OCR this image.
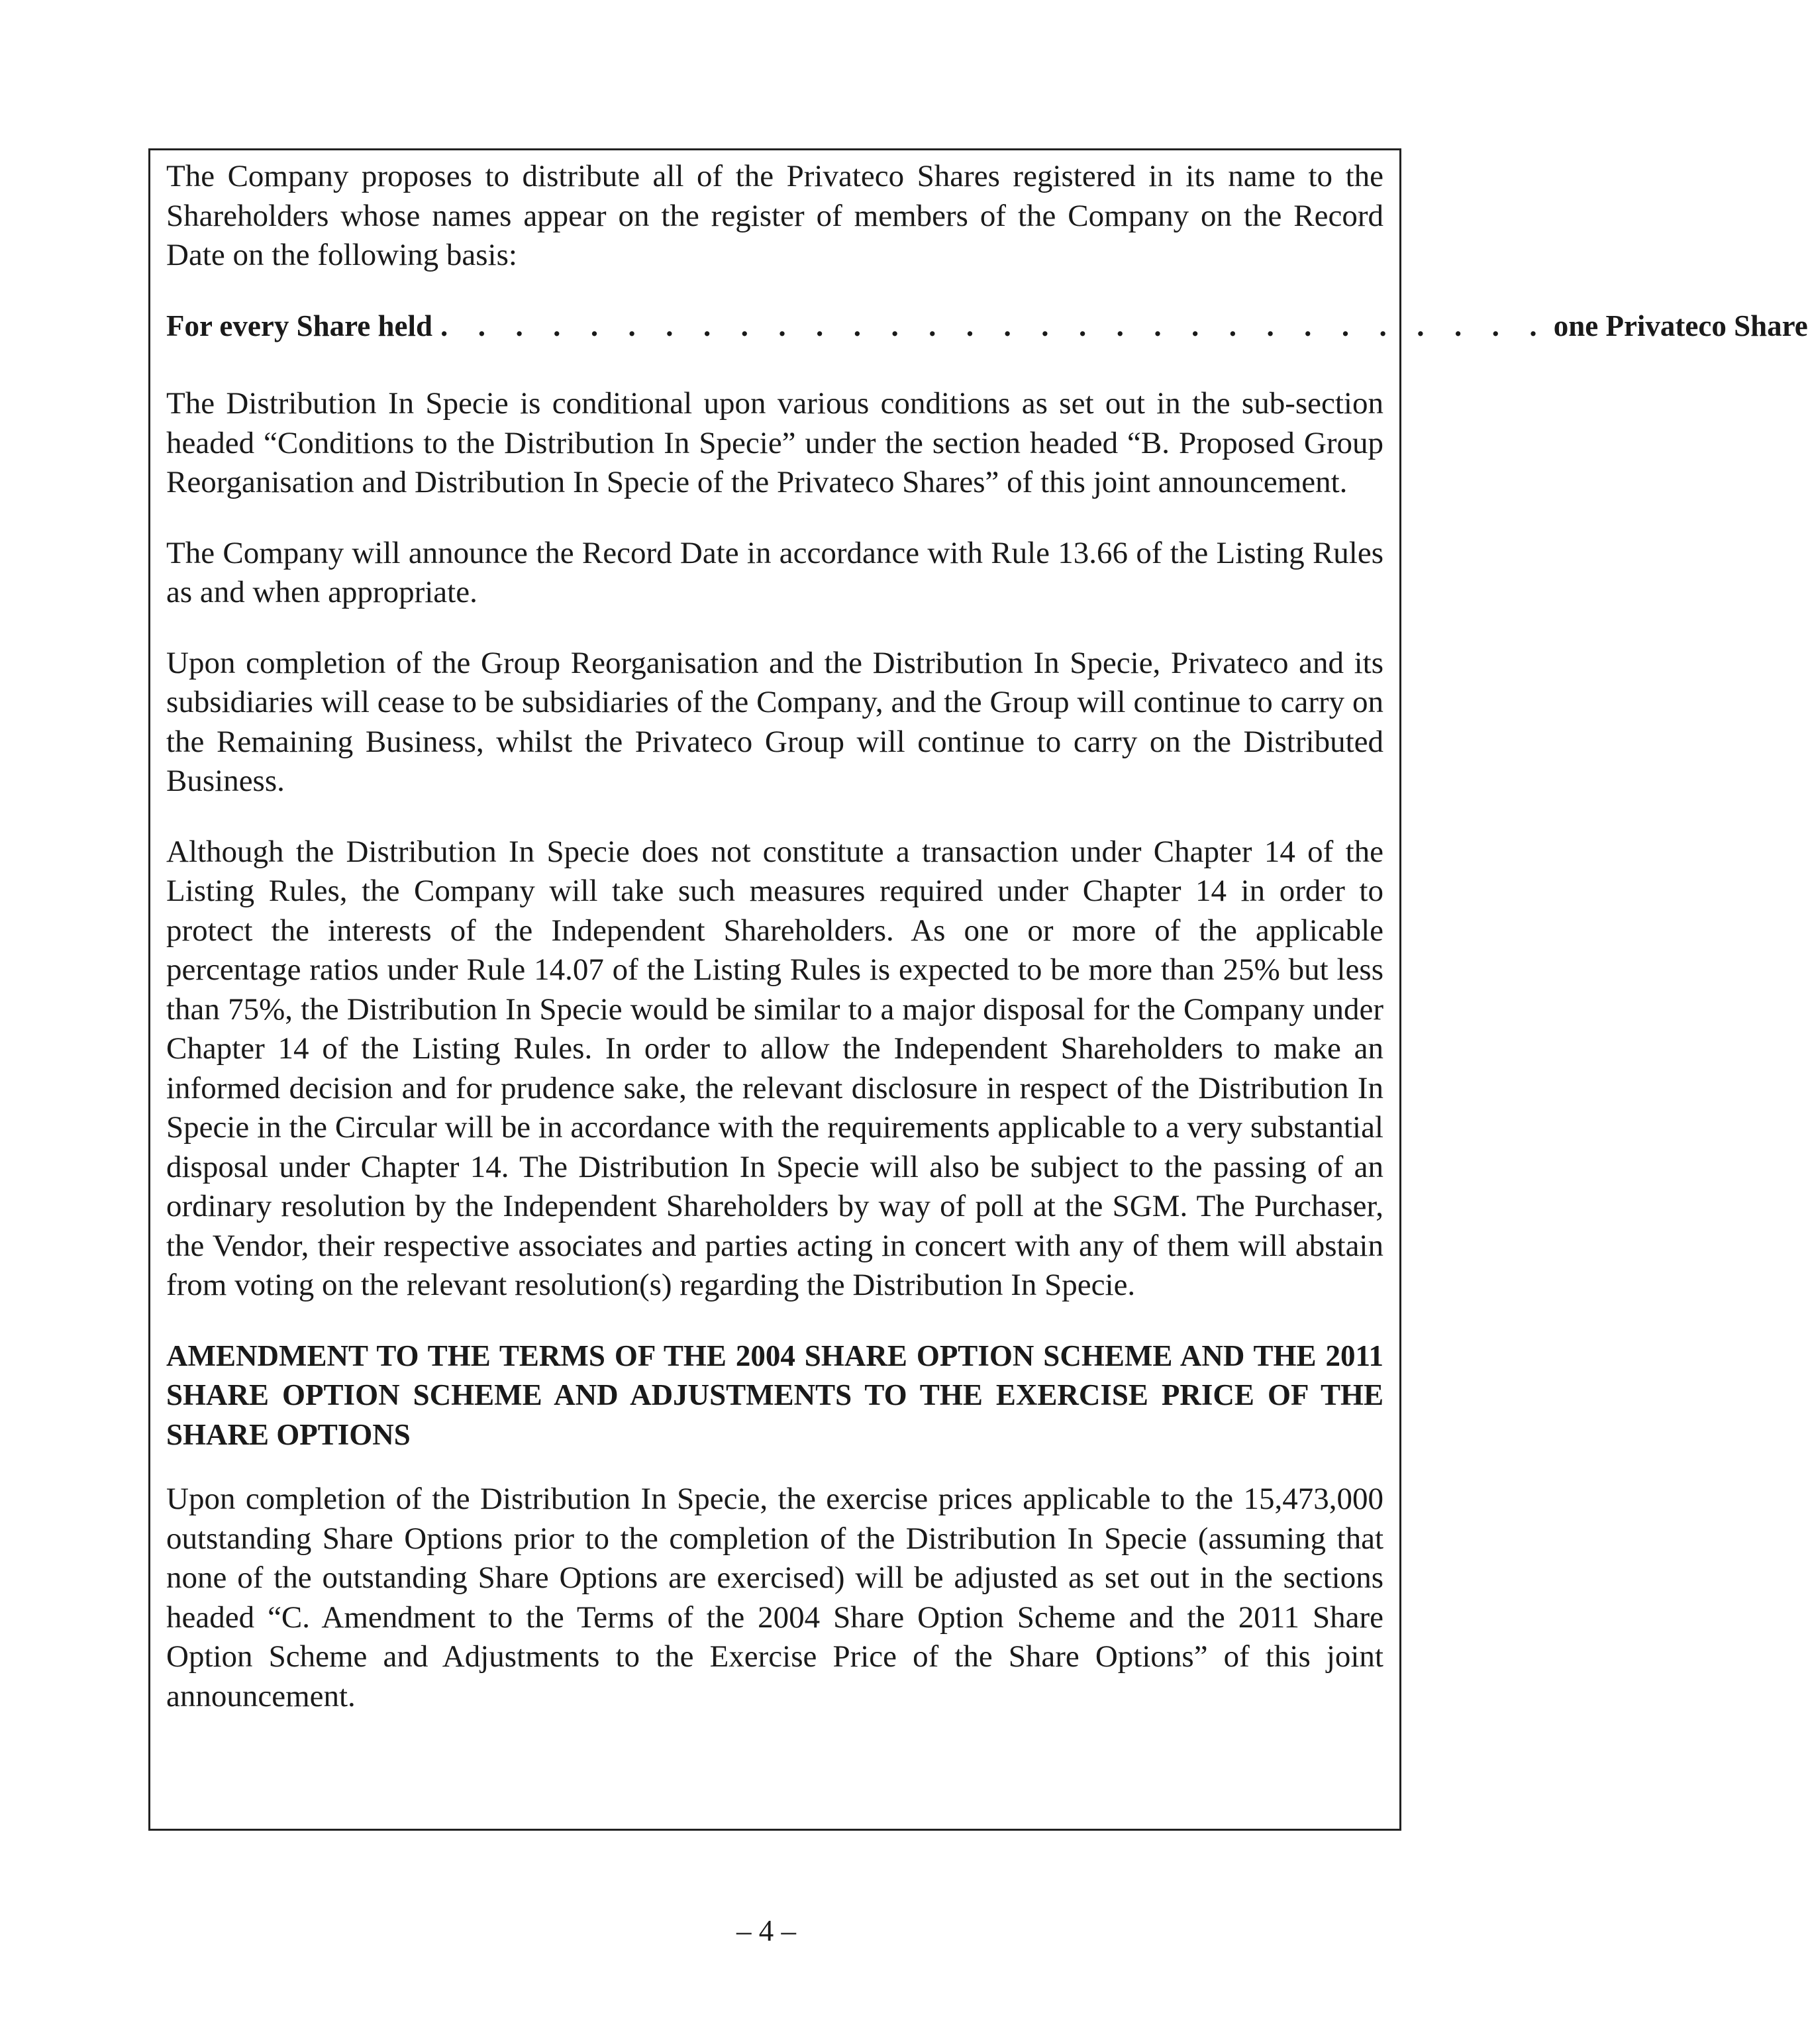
The Company proposes to distribute all of the Privateco Shares registered in its name to the Shareholders whose names appear on the register of members of the Company on the Record Date on the following basis:

For every Share held . . . . . . . . . . . . . . . . . . . . . . . . . . . . . . one Privateco Share

The Distribution In Specie is conditional upon various conditions as set out in the sub-section headed “Conditions to the Distribution In Specie” under the section headed “B. Proposed Group Reorganisation and Distribution In Specie of the Privateco Shares” of this joint announcement.

The Company will announce the Record Date in accordance with Rule 13.66 of the Listing Rules as and when appropriate.

Upon completion of the Group Reorganisation and the Distribution In Specie, Privateco and its subsidiaries will cease to be subsidiaries of the Company, and the Group will continue to carry on the Remaining Business, whilst the Privateco Group will continue to carry on the Distributed Business.

Although the Distribution In Specie does not constitute a transaction under Chapter 14 of the Listing Rules, the Company will take such measures required under Chapter 14 in order to protect the interests of the Independent Shareholders. As one or more of the applicable percentage ratios under Rule 14.07 of the Listing Rules is expected to be more than 25% but less than 75%, the Distribution In Specie would be similar to a major disposal for the Company under Chapter 14 of the Listing Rules. In order to allow the Independent Shareholders to make an informed decision and for prudence sake, the relevant disclosure in respect of the Distribution In Specie in the Circular will be in accordance with the requirements applicable to a very substantial disposal under Chapter 14. The Distribution In Specie will also be subject to the passing of an ordinary resolution by the Independent Shareholders by way of poll at the SGM. The Purchaser, the Vendor, their respective associates and parties acting in concert with any of them will abstain from voting on the relevant resolution(s) regarding the Distribution In Specie.

AMENDMENT TO THE TERMS OF THE 2004 SHARE OPTION SCHEME AND THE 2011 SHARE OPTION SCHEME AND ADJUSTMENTS TO THE EXERCISE PRICE OF THE SHARE OPTIONS

Upon completion of the Distribution In Specie, the exercise prices applicable to the 15,473,000 outstanding Share Options prior to the completion of the Distribution In Specie (assuming that none of the outstanding Share Options are exercised) will be adjusted as set out in the sections headed “C. Amendment to the Terms of the 2004 Share Option Scheme and the 2011 Share Option Scheme and Adjustments to the Exercise Price of the Share Options” of this joint announcement.

– 4 –
